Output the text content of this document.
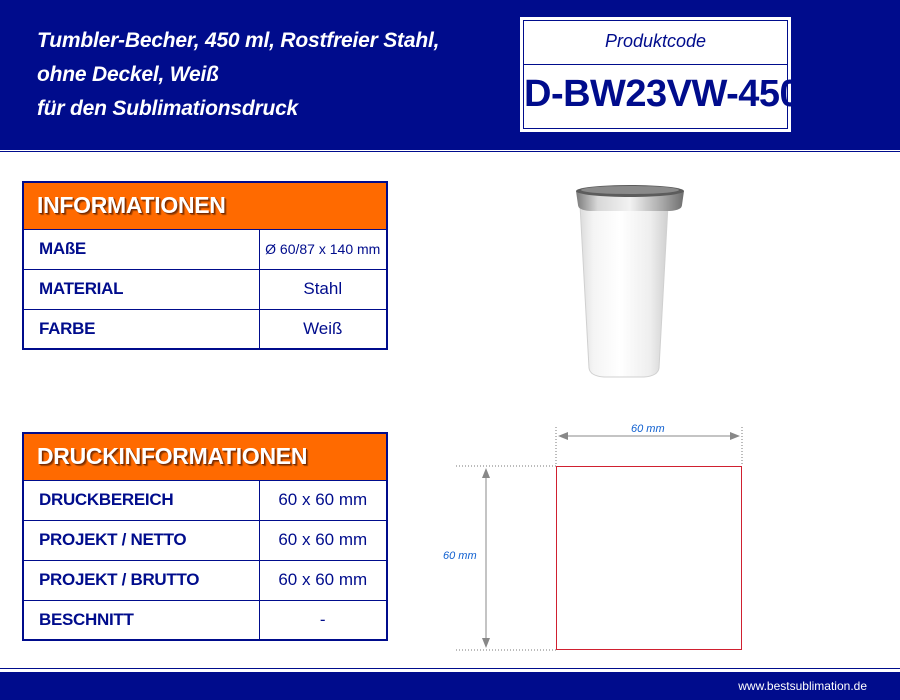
Tumbler-Becher, 450 ml, Rostfreier Stahl,
ohne Deckel, Weiß
für den Sublimationsdruck
Produktcode
D-BW23VW-450
INFORMATIONEN	
MAßE	Ø 60/87 x 140 mm
MATERIAL	Stahl
FARBE	Weiß
DRUCKINFORMATIONEN	
DRUCKBEREICH	60 x 60 mm
PROJEKT / NETTO	60 x 60 mm
PROJEKT / BRUTTO	60 x 60 mm
BESCHNITT	-
60 mm
60 mm
www.bestsublimation.de
